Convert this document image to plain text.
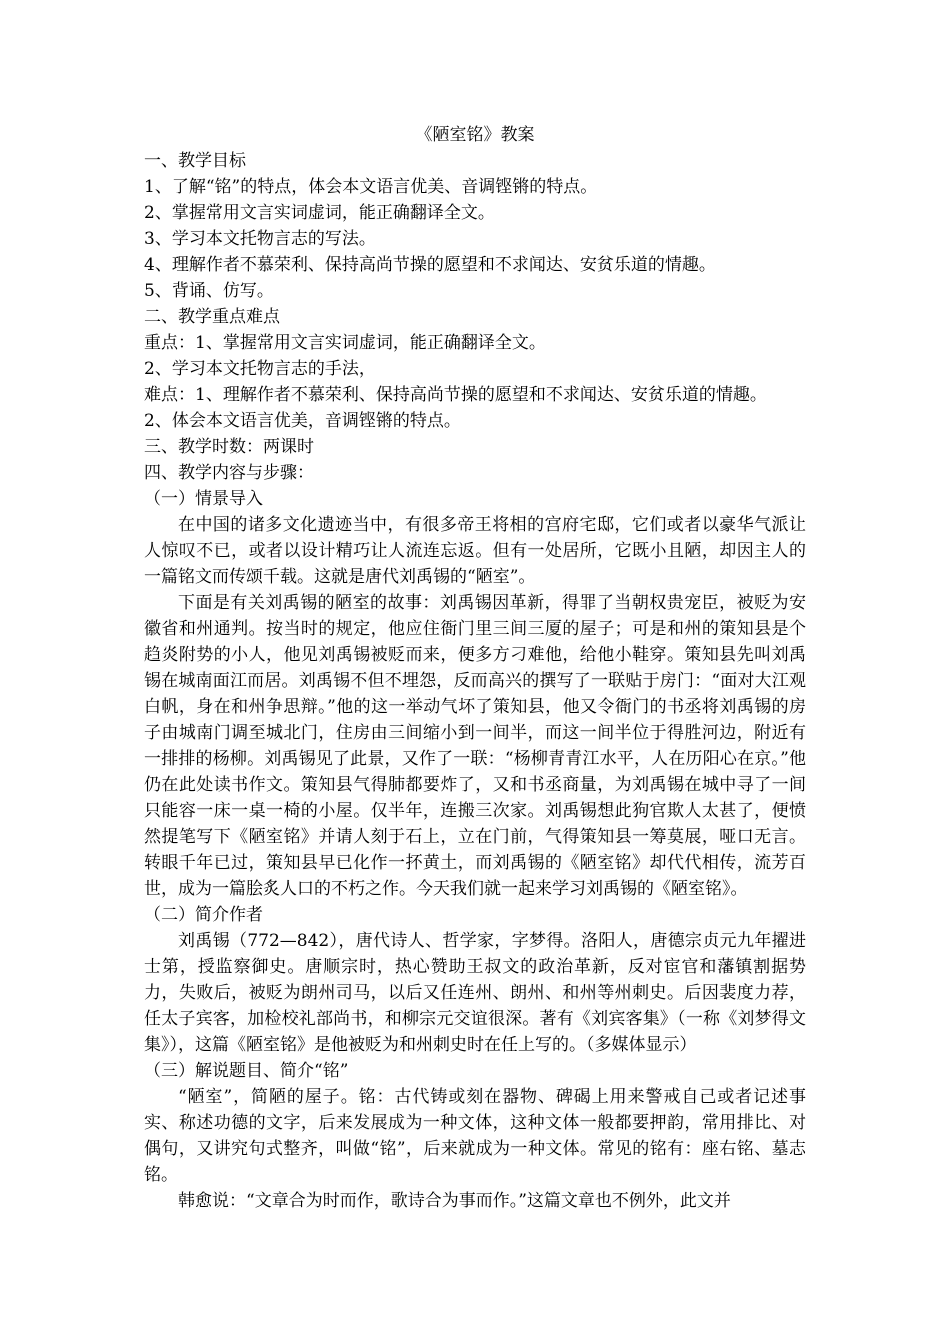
《陋室铭》教案

一、教学目标

1、了解“铭”的特点，体会本文语言优美、音调铿锵的特点。

2、掌握常用文言实词虚词，能正确翻译全文。

3、学习本文托物言志的写法。

4、理解作者不慕荣利、保持高尚节操的愿望和不求闻达、安贫乐道的情趣。

5、背诵、仿写。

二、教学重点难点

重点：1、掌握常用文言实词虚词，能正确翻译全文。

2、学习本文托物言志的手法，

难点：1、理解作者不慕荣利、保持高尚节操的愿望和不求闻达、安贫乐道的情趣。

2、体会本文语言优美，音调铿锵的特点。

三、教学时数：两课时

四、教学内容与步骤：

（一）情景导入

在中国的诸多文化遗迹当中，有很多帝王将相的宫府宅邸，它们或者以豪华气派让人惊叹不已，或者以设计精巧让人流连忘返。但有一处居所，它既小且陋，却因主人的一篇铭文而传颂千载。这就是唐代刘禹锡的“陋室”。

下面是有关刘禹锡的陋室的故事：刘禹锡因革新，得罪了当朝权贵宠臣，被贬为安徽省和州通判。按当时的规定，他应住衙门里三间三厦的屋子；可是和州的策知县是个趋炎附势的小人，他见刘禹锡被贬而来，便多方刁难他，给他小鞋穿。策知县先叫刘禹锡在城南面江而居。刘禹锡不但不埋怨，反而高兴的撰写了一联贴于房门：“面对大江观白帆，身在和州争思辩。”他的这一举动气坏了策知县，他又令衙门的书丞将刘禹锡的房子由城南门调至城北门，住房由三间缩小到一间半，而这一间半位于得胜河边，附近有一排排的杨柳。刘禹锡见了此景，又作了一联：“杨柳青青江水平，人在历阳心在京。”他仍在此处读书作文。策知县气得肺都要炸了，又和书丞商量，为刘禹锡在城中寻了一间只能容一床一桌一椅的小屋。仅半年，连搬三次家。刘禹锡想此狗官欺人太甚了，便愤然提笔写下《陋室铭》并请人刻于石上，立在门前，气得策知县一筹莫展，哑口无言。转眼千年已过，策知县早已化作一抔黄土，而刘禹锡的《陋室铭》却代代相传，流芳百世，成为一篇脍炙人口的不朽之作。今天我们就一起来学习刘禹锡的《陋室铭》。

（二）简介作者

刘禹锡（772—842），唐代诗人、哲学家，字梦得。洛阳人，唐德宗贞元九年擢进士第，授监察御史。唐顺宗时，热心赞助王叔文的政治革新，反对宦官和藩镇割据势力，失败后，被贬为朗州司马，以后又任连州、朗州、和州等州刺史。后因裴度力荐，任太子宾客，加检校礼部尚书，和柳宗元交谊很深。著有《刘宾客集》（一称《刘梦得文集》），这篇《陋室铭》是他被贬为和州刺史时在任上写的。（多媒体显示）

（三）解说题目、简介“铭”

“陋室”，简陋的屋子。铭：古代铸或刻在器物、碑碣上用来警戒自己或者记述事实、称述功德的文字，后来发展成为一种文体，这种文体一般都要押韵，常用排比、对偶句，又讲究句式整齐，叫做“铭”，后来就成为一种文体。常见的铭有：座右铭、墓志铭。

韩愈说：“文章合为时而作，歌诗合为事而作。”这篇文章也不例外，此文并
